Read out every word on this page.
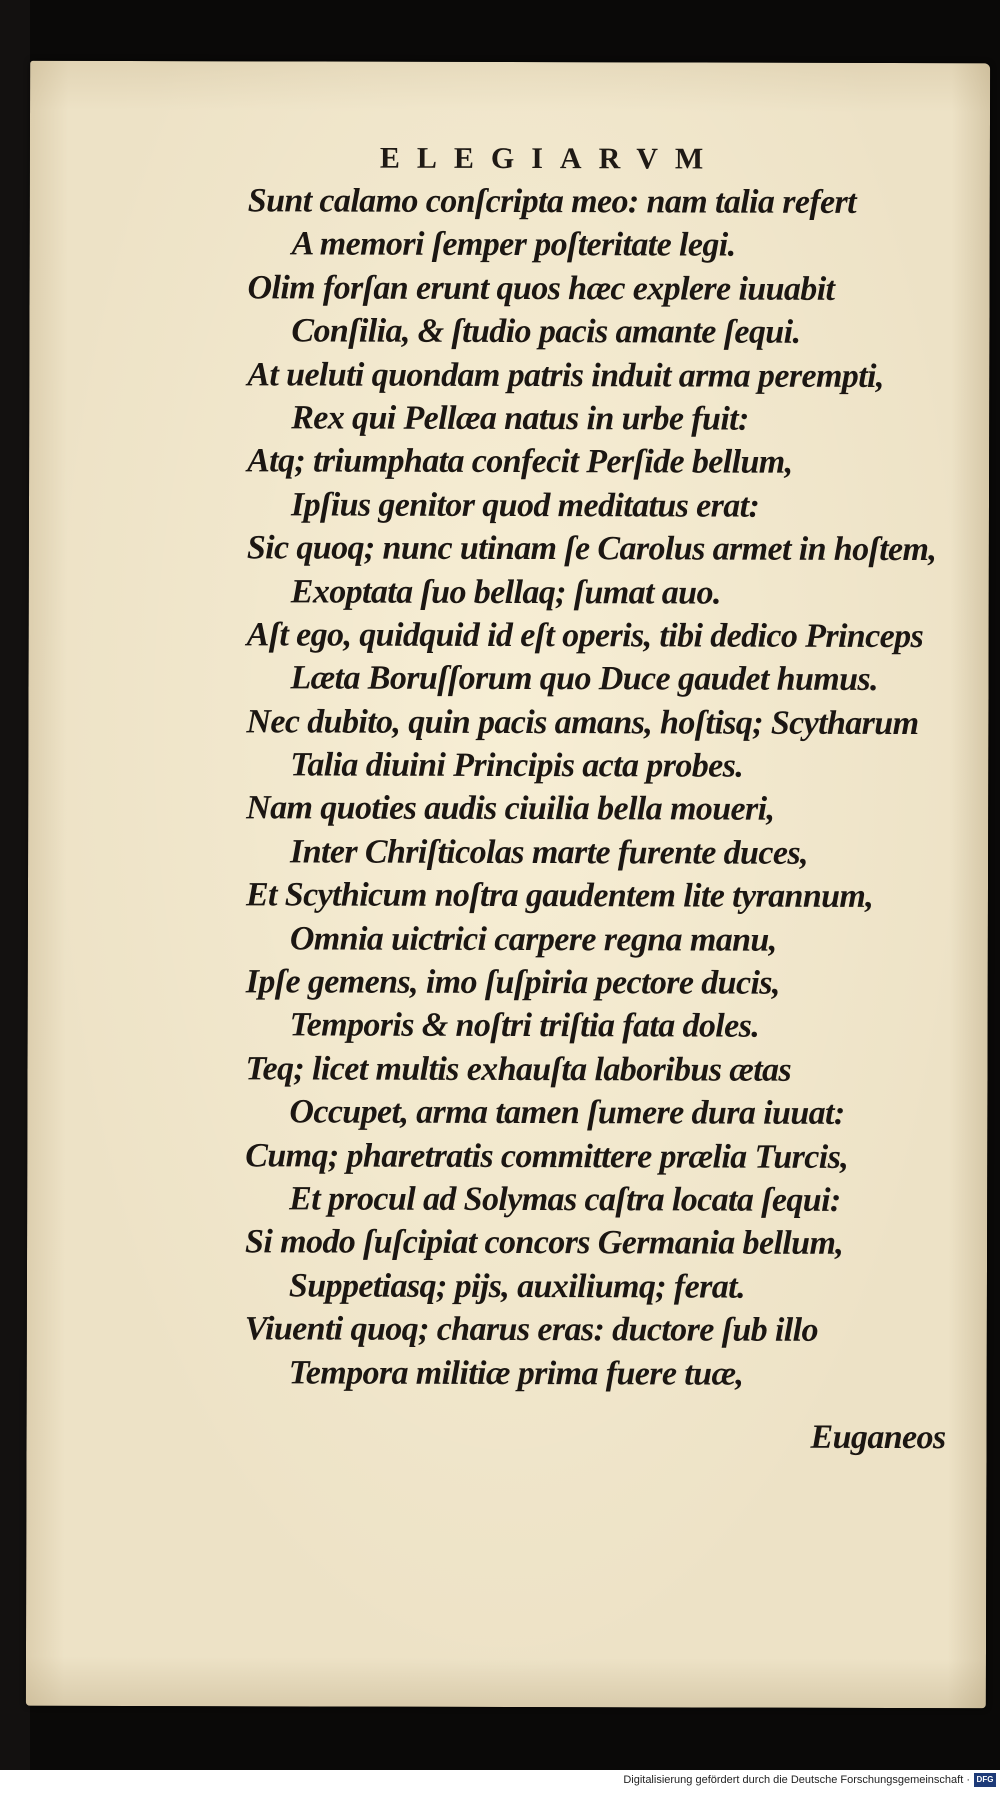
ELEGIARVM
Sunt calamo conſcripta meo: nam talia refert
A memori ſemper poſteritate legi.
Olim forſan erunt quos hæc explere iuuabit
Conſilia, & ſtudio pacis amante ſequi.
At ueluti quondam patris induit arma perempti,
Rex qui Pellæa natus in urbe fuit:
Atq; triumphata confecit Perſide bellum,
Ipſius genitor quod meditatus erat:
Sic quoq; nunc utinam ſe Carolus armet in hoſtem,
Exoptata ſuo bellaq; ſumat auo.
Aſt ego, quidquid id eſt operis, tibi dedico Princeps
Læta Boruſſorum quo Duce gaudet humus.
Nec dubito, quin pacis amans, hoſtisq; Scytharum
Talia diuini Principis acta probes.
Nam quoties audis ciuilia bella moueri,
Inter Chriſticolas marte furente duces,
Et Scythicum noſtra gaudentem lite tyrannum,
Omnia uictrici carpere regna manu,
Ipſe gemens, imo ſuſpiria pectore ducis,
Temporis & noſtri triſtia fata doles.
Teq; licet multis exhauſta laboribus ætas
Occupet, arma tamen ſumere dura iuuat:
Cumq; pharetratis committere prælia Turcis,
Et procul ad Solymas caſtra locata ſequi:
Si modo ſuſcipiat concors Germania bellum,
Suppetiasq; pijs, auxiliumq; ferat.
Viuenti quoq; charus eras: ductore ſub illo
Tempora militiæ prima fuere tuæ,
Euganeos
Digitalisierung gefördert durch die Deutsche Forschungsgemeinschaft · DFG
